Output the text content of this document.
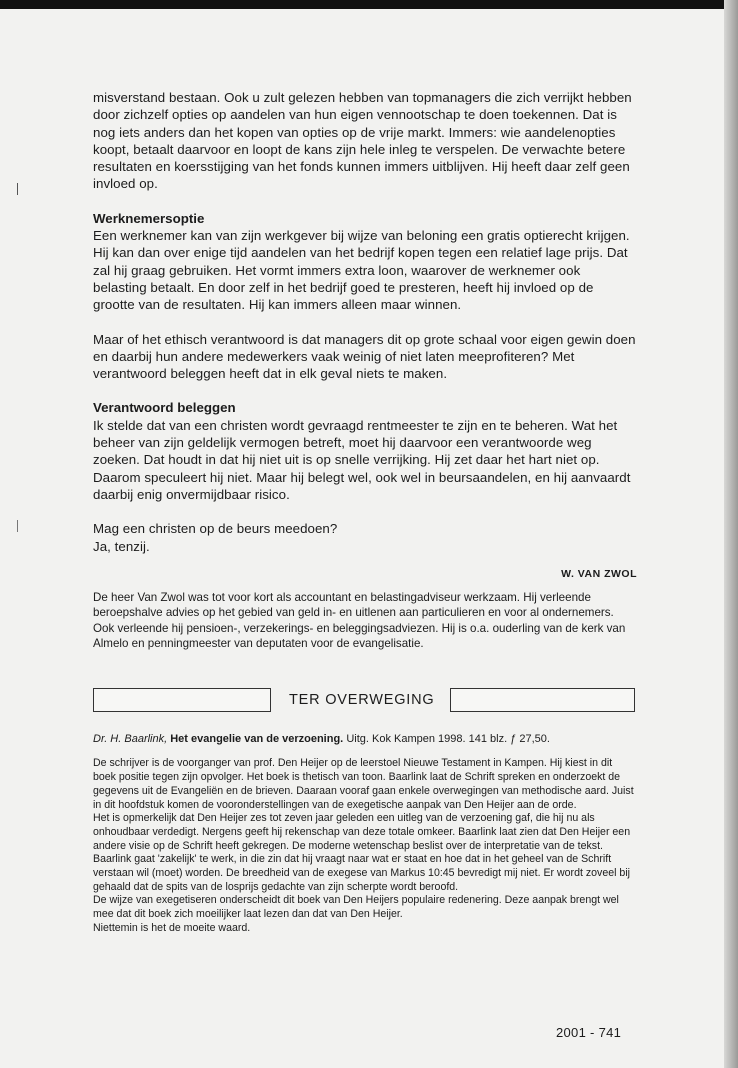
misverstand bestaan. Ook u zult gelezen hebben van topmanagers die zich verrijkt hebben door zichzelf opties op aandelen van hun eigen vennootschap te doen toekennen. Dat is nog iets anders dan het kopen van opties op de vrije markt. Immers: wie aandelenopties koopt, betaalt daarvoor en loopt de kans zijn hele inleg te verspelen. De verwachte betere resultaten en koersstijging van het fonds kunnen immers uitblijven. Hij heeft daar zelf geen invloed op.

Werknemersoptie

Een werknemer kan van zijn werkgever bij wijze van beloning een gratis optierecht krijgen. Hij kan dan over enige tijd aandelen van het bedrijf kopen tegen een relatief lage prijs. Dat zal hij graag gebruiken. Het vormt immers extra loon, waarover de werknemer ook belasting betaalt. En door zelf in het bedrijf goed te presteren, heeft hij invloed op de grootte van de resultaten. Hij kan immers alleen maar winnen.

Maar of het ethisch verantwoord is dat managers dit op grote schaal voor eigen gewin doen en daarbij hun andere medewerkers vaak weinig of niet laten meeprofiteren? Met verantwoord beleggen heeft dat in elk geval niets te maken.

Verantwoord beleggen

Ik stelde dat van een christen wordt gevraagd rentmeester te zijn en te beheren. Wat het beheer van zijn geldelijk vermogen betreft, moet hij daarvoor een verantwoorde weg zoeken. Dat houdt in dat hij niet uit is op snelle verrijking. Hij zet daar het hart niet op. Daarom speculeert hij niet. Maar hij belegt wel, ook wel in beursaandelen, en hij aanvaardt daarbij enig onvermijdbaar risico.

Mag een christen op de beurs meedoen?

Ja, tenzij.

W. VAN ZWOL

De heer Van Zwol was tot voor kort als accountant en belastingadviseur werkzaam. Hij verleende beroepshalve advies op het gebied van geld in- en uitlenen aan particulieren en voor al ondernemers. Ook verleende hij pensioen-, verzekerings- en beleggingsadviezen. Hij is o.a. ouderling van de kerk van Almelo en penningmeester van deputaten voor de evangelisatie.

TER OVERWEGING
Dr. H. Baarlink, Het evangelie van de verzoening. Uitg. Kok Kampen 1998. 141 blz. ƒ 27,50.

De schrijver is de voorganger van prof. Den Heijer op de leerstoel Nieuwe Testament in Kampen. Hij kiest in dit boek positie tegen zijn opvolger. Het boek is thetisch van toon. Baarlink laat de Schrift spreken en onderzoekt de gegevens uit de Evangeliën en de brieven. Daaraan vooraf gaan enkele overwegingen van methodische aard. Juist in dit hoofdstuk komen de vooronderstellingen van de exegetische aanpak van Den Heijer aan de orde.

Het is opmerkelijk dat Den Heijer zes tot zeven jaar geleden een uitleg van de verzoening gaf, die hij nu als onhoudbaar verdedigt. Nergens geeft hij rekenschap van deze totale omkeer. Baarlink laat zien dat Den Heijer een andere visie op de Schrift heeft gekregen. De moderne wetenschap beslist over de interpretatie van de tekst.

Baarlink gaat 'zakelijk' te werk, in die zin dat hij vraagt naar wat er staat en hoe dat in het geheel van de Schrift verstaan wil (moet) worden. De breedheid van de exegese van Markus 10:45 bevredigt mij niet. Er wordt zoveel bij gehaald dat de spits van de losprijs gedachte van zijn scherpte wordt beroofd.

De wijze van exegetiseren onderscheidt dit boek van Den Heijers populaire redenering. Deze aanpak brengt wel mee dat dit boek zich moeilijker laat lezen dan dat van Den Heijer.

Niettemin is het de moeite waard.

2001 - 741
